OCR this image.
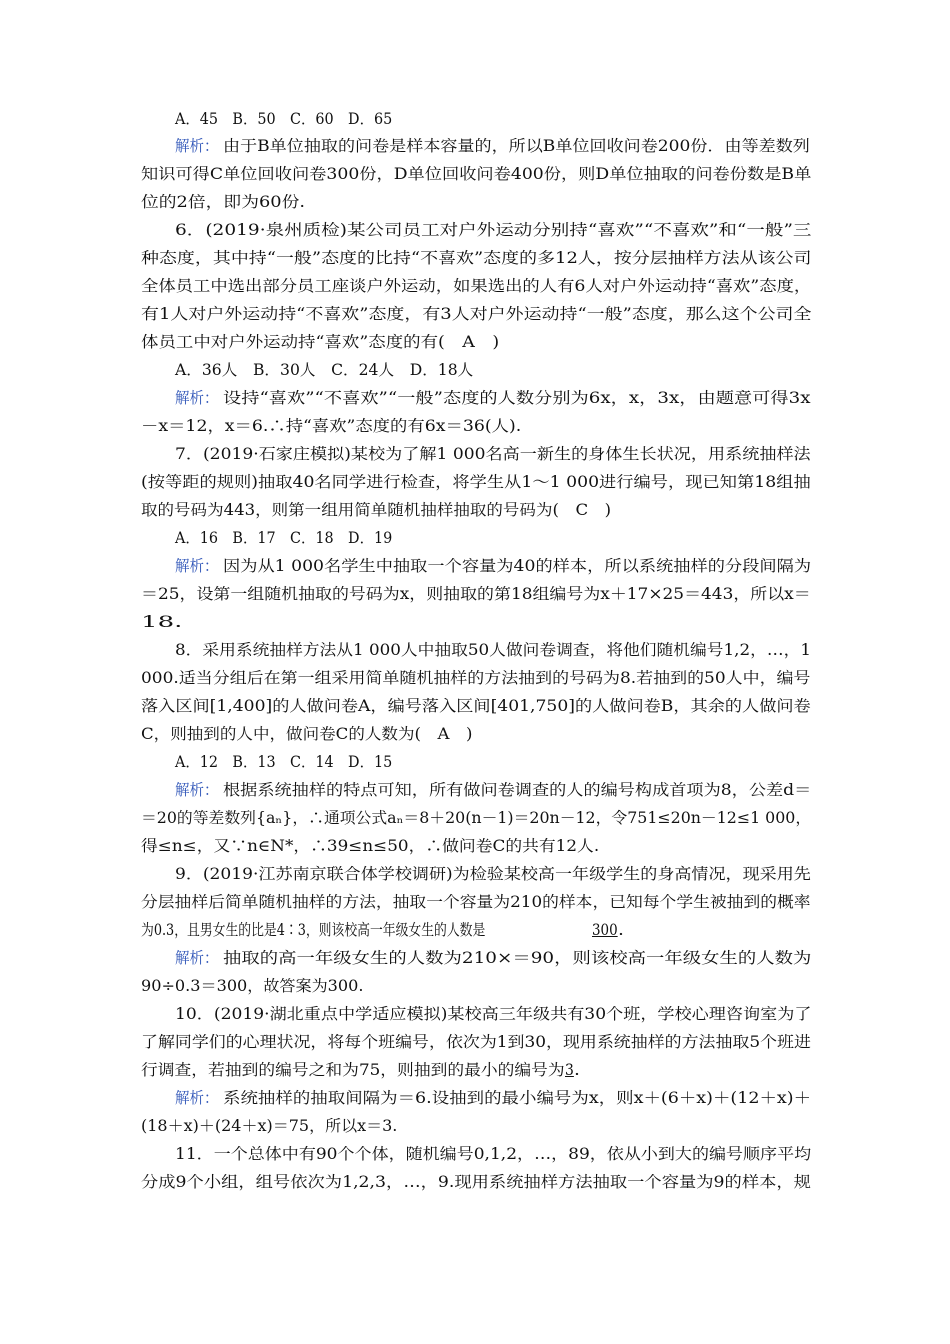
A．45　B．50　C．60　D．65
解析： 由于B单位抽取的问卷是样本容量的，所以B单位回收问卷200份．由等差数列
知识可得C单位回收问卷300份，D单位回收问卷400份，则D单位抽取的问卷份数是B单
位的2倍，即为60份.
6．(2019·泉州质检)某公司员工对户外运动分别持“喜欢”“不喜欢”和“一般”三
种态度，其中持“一般”态度的比持“不喜欢”态度的多12人，按分层抽样方法从该公司
全体员工中选出部分员工座谈户外运动，如果选出的人有6人对户外运动持“喜欢”态度，
有1人对户外运动持“不喜欢”态度，有3人对户外运动持“一般”态度，那么这个公司全
体员工中对户外运动持“喜欢”态度的有(　A　)
A．36人　B．30人　C．24人　D．18人
解析： 设持“喜欢”“不喜欢”“一般”态度的人数分别为6x，x，3x，由题意可得3x
－x＝12，x＝6.∴持“喜欢”态度的有6x＝36(人).
7．(2019·石家庄模拟)某校为了解1 000名高一新生的身体生长状况，用系统抽样法
(按等距的规则)抽取40名同学进行检查，将学生从1～1 000进行编号，现已知第18组抽
取的号码为443，则第一组用简单随机抽样抽取的号码为(　C　)
A．16　B．17　C．18　D．19
解析： 因为从1 000名学生中抽取一个容量为40的样本，所以系统抽样的分段间隔为
＝25，设第一组随机抽取的号码为x，则抽取的第18组编号为x＋17×25＝443，所以x＝
18.
8．采用系统抽样方法从1 000人中抽取50人做问卷调查，将他们随机编号1,2，…，1
000.适当分组后在第一组采用简单随机抽样的方法抽到的号码为8.若抽到的50人中，编号
落入区间[1,400]的人做问卷A，编号落入区间[401,750]的人做问卷B，其余的人做问卷
C，则抽到的人中，做问卷C的人数为(　A　)
A．12　B．13　C．14　D．15
解析： 根据系统抽样的特点可知，所有做问卷调查的人的编号构成首项为8，公差d＝
＝20的等差数列{aₙ}，∴通项公式aₙ＝8＋20(n－1)＝20n－12，令751≤20n－12≤1 000，
得≤n≤，又∵n∈N*，∴39≤n≤50，∴做问卷C的共有12人.
9．(2019·江苏南京联合体学校调研)为检验某校高一年级学生的身高情况，现采用先
分层抽样后简单随机抽样的方法，抽取一个容量为210的样本，已知每个学生被抽到的概率
为0.3，且男女生的比是4∶3，则该校高一年级女生的人数是	300 .
解析： 抽取的高一年级女生的人数为210×＝90，则该校高一年级女生的人数为
90÷0.3＝300，故答案为300.
10．(2019·湖北重点中学适应模拟)某校高三年级共有30个班，学校心理咨询室为了
了解同学们的心理状况，将每个班编号，依次为1到30，现用系统抽样的方法抽取5个班进
行调查，若抽到的编号之和为75，则抽到的最小的编号为 3 .
解析： 系统抽样的抽取间隔为＝6.设抽到的最小编号为x，则x＋(6＋x)＋(12＋x)＋
(18＋x)＋(24＋x)＝75，所以x＝3.
11．一个总体中有90个个体，随机编号0,1,2，…，89，依从小到大的编号顺序平均
分成9个小组，组号依次为1,2,3，…，9.现用系统抽样方法抽取一个容量为9的样本，规
